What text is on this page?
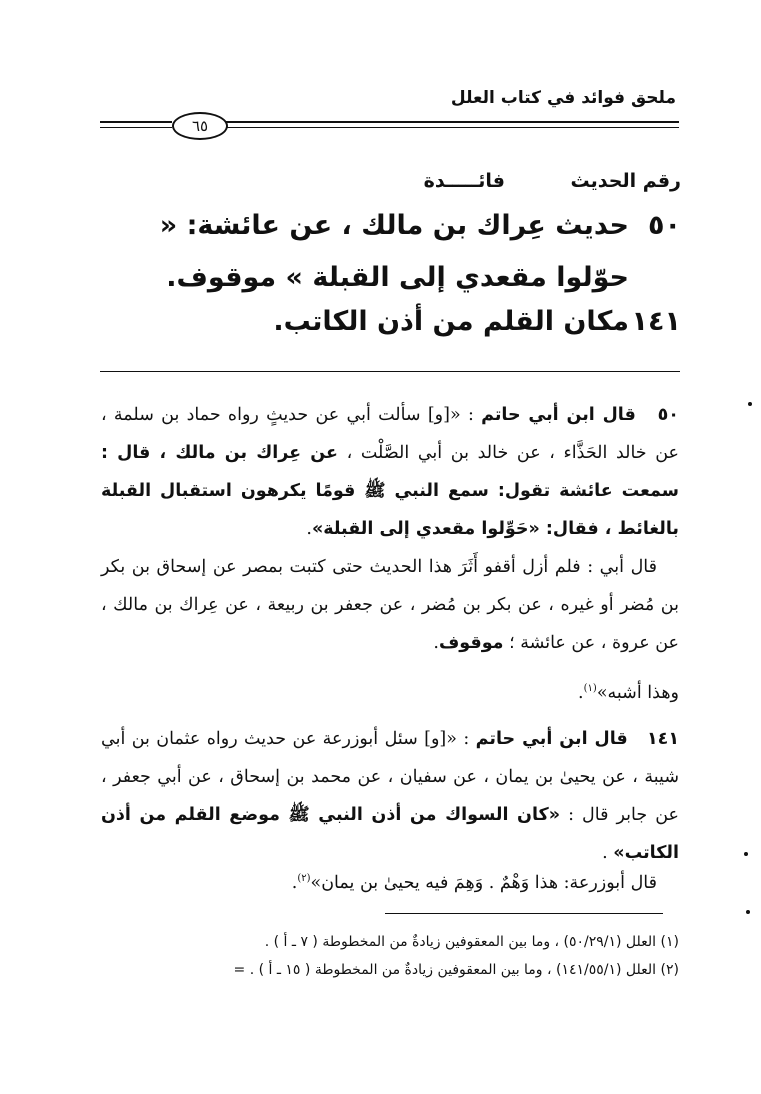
ملحق فوائد في كتاب العلل
٦٥
رقم الحديث
فائـــــدة
٥٠
حديث عِراك بن مالك ، عن عائشة: « حوّلوا مقعدي إلى القبلة » موقوف.
١٤١
مكان القلم من أذن الكاتب.
٥٠   قال ابن أبي حاتم : «[و] سألت أبي عن حديثٍ رواه حماد بن سلمة ، عن خالد الحَذَّاء ، عن خالد بن أبي الصَّلْت ، عن عِراك بن مالك ، قال : سمعت عائشة تقول: سمع النبي ﷺ قومًا يكرهون استقبال القبلة بالغائط ، فقال: «حَوِّلوا مقعدي إلى القبلة».
قال أبي : فلم أزل أقفو أَثَرَ هذا الحديث حتى كتبت بمصر عن إسحاق بن بكر بن مُضر أو غيره ، عن بكر بن مُضر ، عن جعفر بن ربيعة ، عن عِراك بن مالك ، عن عروة ، عن عائشة ؛ موقوف.
وهذا أشبه»$^{(١)}$.
١٤١   قال ابن أبي حاتم : «[و] سئل أبوزرعة عن حديث رواه عثمان بن أبي شيبة ، عن يحيىٰ بن يمان ، عن سفيان ، عن محمد بن إسحاق ، عن أبي جعفر ، عن جابر قال : «كان السواك من أذن النبي ﷺ موضع القلم من أذن الكاتب» .
قال أبوزرعة: هذا وَهْمٌ . وَهِمَ فيه يحيىٰ بن يمان»$^{(٢)}$.
(١) العلل (٥٠/٢٩/١) ، وما بين المعقوفين زيادةٌ من المخطوطة ( ٧ ـ أ ) .
(٢) العلل (١٤١/٥٥/١) ، وما بين المعقوفين زيادةٌ من المخطوطة ( ١٥ ـ أ ) . =
